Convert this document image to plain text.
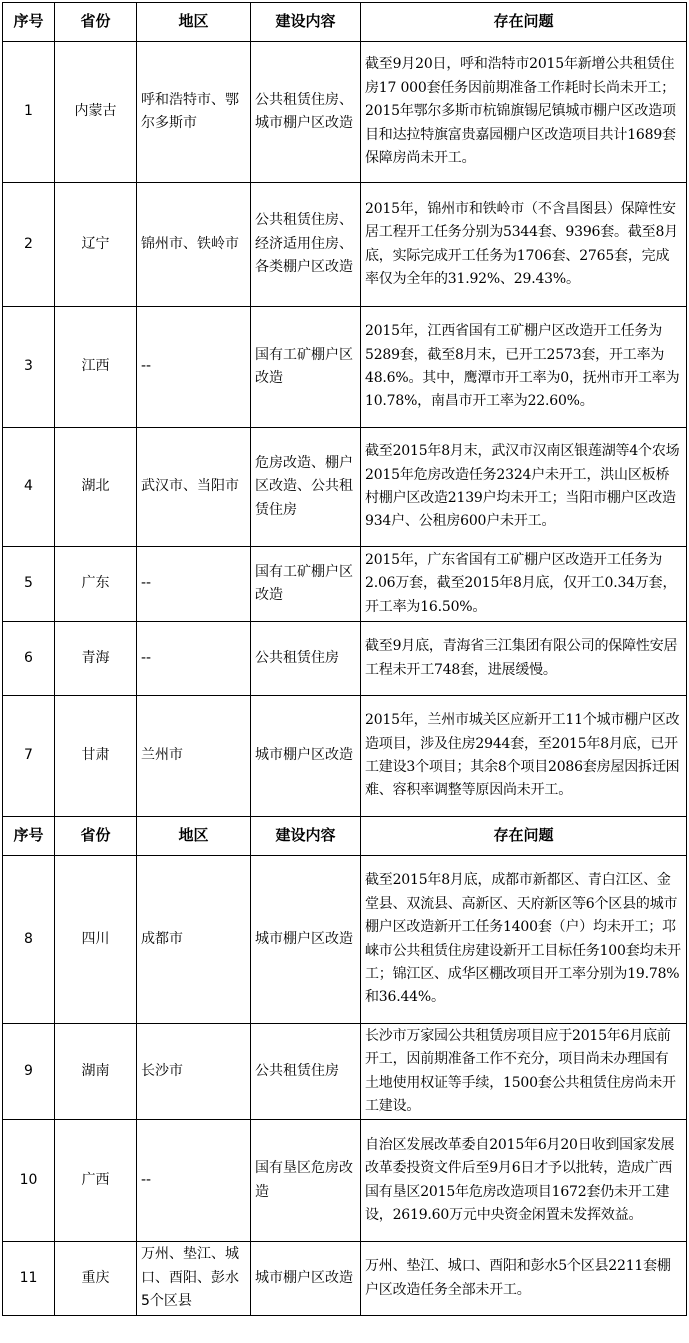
序号	省份	地区	建设内容	存在问题
1	内蒙古	呼和浩特市、鄂尔多斯市	公共租赁住房、城市棚户区改造	截至9月20日，呼和浩特市2015年新增公共租赁住房17 000套任务因前期准备工作耗时长尚未开工；2015年鄂尔多斯市杭锦旗锡尼镇城市棚户区改造项目和达拉特旗富贵嘉园棚户区改造项目共计1689套保障房尚未开工。
2	辽宁	锦州市、铁岭市	公共租赁住房、经济适用住房、各类棚户区改造	2015年，锦州市和铁岭市（不含昌图县）保障性安居工程开工任务分别为5344套、9396套。截至8月底，实际完成开工任务为1706套、2765套，完成率仅为全年的31.92%、29.43%。
3	江西	--	国有工矿棚户区改造	2015年，江西省国有工矿棚户区改造开工任务为5289套，截至8月末，已开工2573套，开工率为48.6%。其中，鹰潭市开工率为0，抚州市开工率为10.78%，南昌市开工率为22.60%。
4	湖北	武汉市、当阳市	危房改造、棚户区改造、公共租赁住房	截至2015年8月末，武汉市汉南区银莲湖等4个农场2015年危房改造任务2324户未开工，洪山区板桥村棚户区改造2139户均未开工；当阳市棚户区改造934户、公租房600户未开工。
5	广东	--	国有工矿棚户区改造	2015年，广东省国有工矿棚户区改造开工任务为2.06万套，截至2015年8月底，仅开工0.34万套，开工率为16.50%。
6	青海	--	公共租赁住房	截至9月底，青海省三江集团有限公司的保障性安居工程未开工748套，进展缓慢。
7	甘肃	兰州市	城市棚户区改造	2015年，兰州市城关区应新开工11个城市棚户区改造项目，涉及住房2944套，至2015年8月底，已开工建设3个项目；其余8个项目2086套房屋因拆迁困难、容积率调整等原因尚未开工。
序号	省份	地区	建设内容	存在问题
8	四川	成都市	城市棚户区改造	截至2015年8月底，成都市新都区、青白江区、金堂县、双流县、高新区、天府新区等6个区县的城市棚户区改造新开工任务1400套（户）均未开工；邛崃市公共租赁住房建设新开工目标任务100套均未开工；锦江区、成华区棚改项目开工率分别为19.78%和36.44%。
9	湖南	长沙市	公共租赁住房	长沙市万家园公共租赁房项目应于2015年6月底前开工，因前期准备工作不充分，项目尚未办理国有土地使用权证等手续，1500套公共租赁住房尚未开工建设。
10	广西	--	国有垦区危房改造	自治区发展改革委自2015年6月20日收到国家发展改革委投资文件后至9月6日才予以批转，造成广西国有垦区2015年危房改造项目1672套仍未开工建设，2619.60万元中央资金闲置未发挥效益。
11	重庆	万州、垫江、城口、酉阳、彭水5个区县	城市棚户区改造	万州、垫江、城口、酉阳和彭水5个区县2211套棚户区改造任务全部未开工。
